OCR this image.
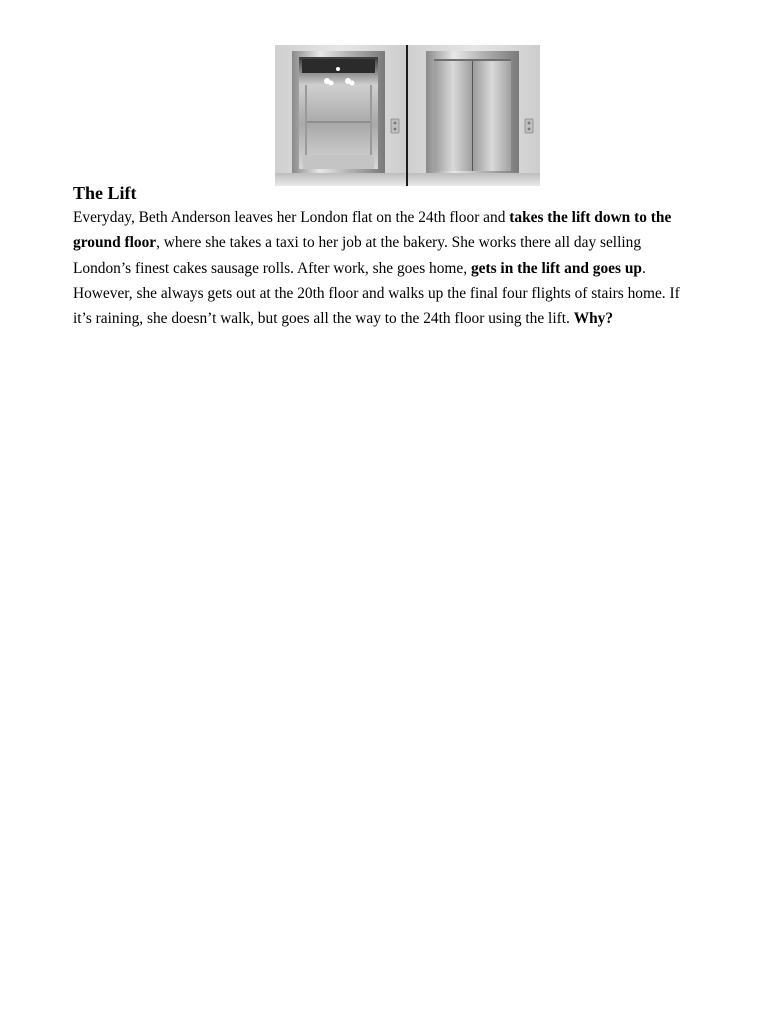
The Lift

Everyday, Beth Anderson leaves her London flat on the 24th floor and takes the lift down to the ground floor, where she takes a taxi to her job at the bakery. She works there all day selling London’s finest cakes sausage rolls. After work, she goes home, gets in the lift and goes up. However, she always gets out at the 20th floor and walks up the final four flights of stairs home. If it’s raining, she doesn’t walk, but goes all the way to the 24th floor using the lift. Why?
